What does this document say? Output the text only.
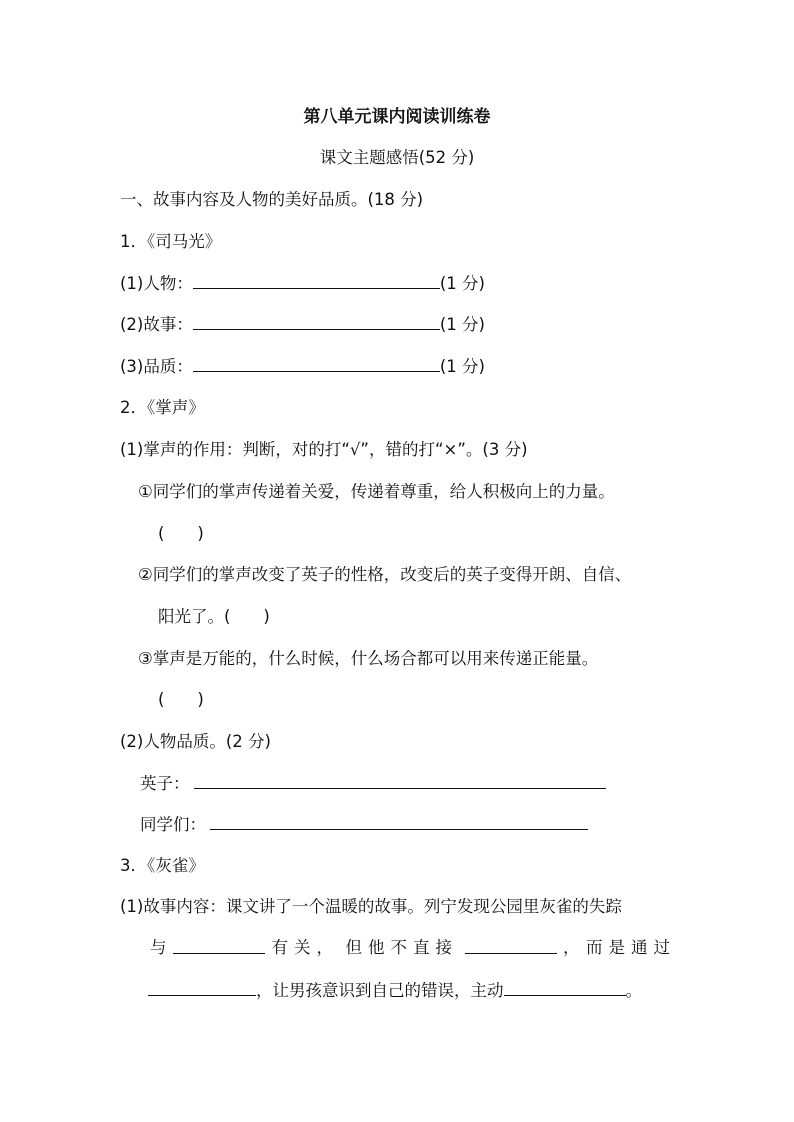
第八单元课内阅读训练卷
课文主题感悟(52 分)
一、故事内容及人物的美好品质。(18 分)
1．《司马光》
(1)人物：	(1 分)
(2)故事：	(1 分)
(3)品质：	(1 分)
2．《掌声》
(1)掌声的作用：判断，对的打“√”，错的打“×”。(3 分)
①同学们的掌声传递着关爱，传递着尊重，给人积极向上的力量。
(　　)
②同学们的掌声改变了英子的性格，改变后的英子变得开朗、自信、
阳光了。(　　)
③掌声是万能的，什么时候，什么场合都可以用来传递正能量。
(　　)
(2)人物品质。(2 分)
英子：
同学们：
3．《灰雀》
(1)故事内容：课文讲了一个温暖的故事。列宁发现公园里灰雀的失踪
与	有关， 但他不直接	， 而是通过
，让男孩意识到自己的错误，主动	。
